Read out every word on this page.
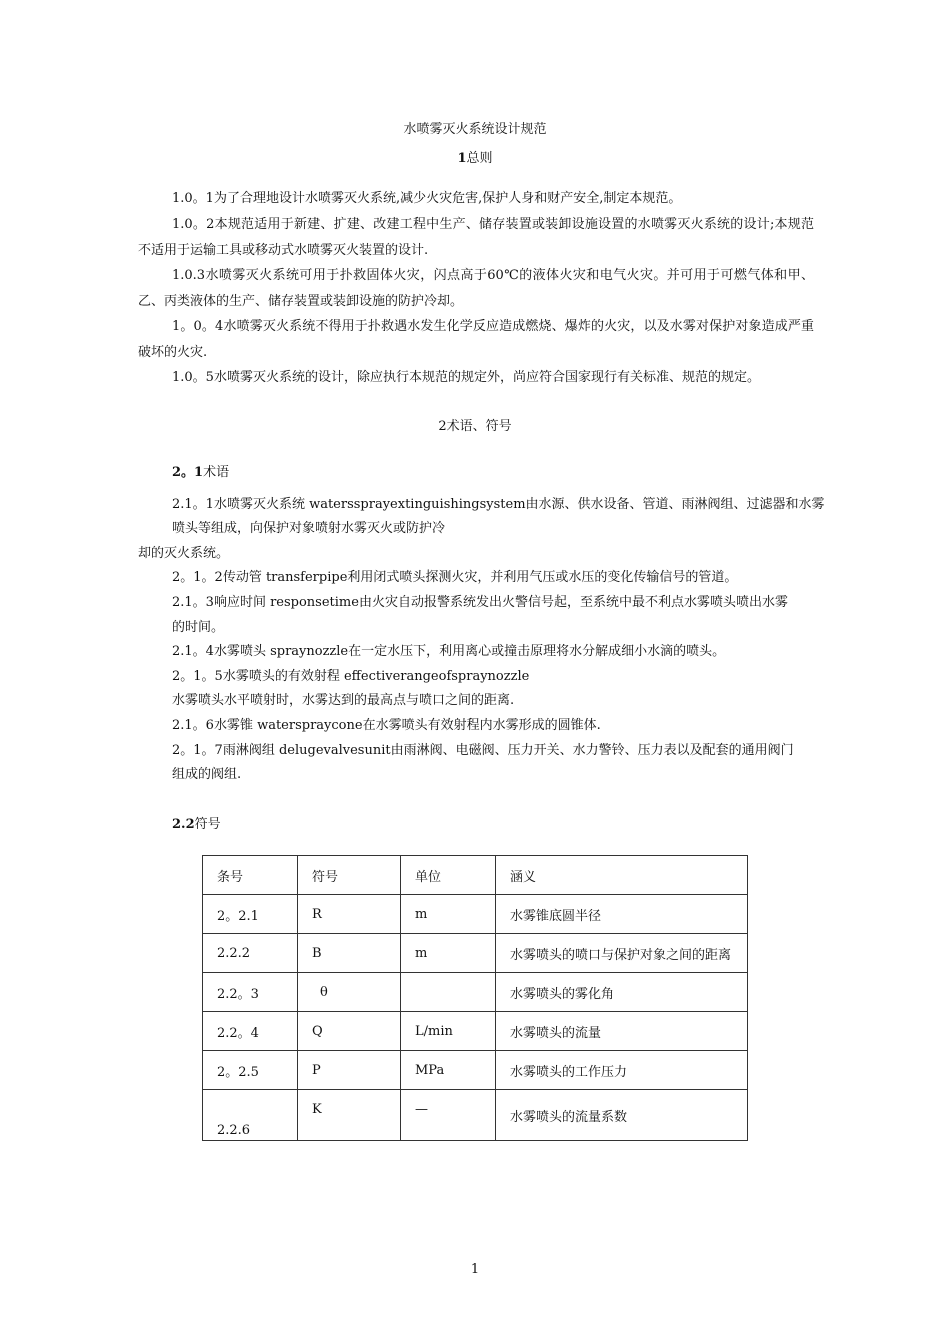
水喷雾灭火系统设计规范
1总则
1.0。1为了合理地设计水喷雾灭火系统,减少火灾危害,保护人身和财产安全,制定本规范。
1.0。2本规范适用于新建、扩建、改建工程中生产、储存装置或装卸设施设置的水喷雾灭火系统的设计;本规范不适用于运输工具或移动式水喷雾灭火装置的设计.
1.0.3水喷雾灭火系统可用于扑救固体火灾，闪点高于60℃的液体火灾和电气火灾。并可用于可燃气体和甲、乙、丙类液体的生产、储存装置或装卸设施的防护冷却。
1。0。4水喷雾灭火系统不得用于扑救遇水发生化学反应造成燃烧、爆炸的火灾，以及水雾对保护对象造成严重破坏的火灾.
1.0。5水喷雾灭火系统的设计，除应执行本规范的规定外，尚应符合国家现行有关标准、规范的规定。
2术语、符号
2。1术语
2.1。1水喷雾灭火系统 waterssprayextinguishingsystem由水源、供水设备、管道、雨淋阀组、过滤器和水雾
喷头等组成，向保护对象喷射水雾灭火或防护冷
却的灭火系统。
2。1。2传动管 transferpipe利用闭式喷头探测火灾，并利用气压或水压的变化传输信号的管道。
2.1。3响应时间 responsetime由火灾自动报警系统发出火警信号起，至系统中最不利点水雾喷头喷出水雾
的时间。
2.1。4水雾喷头 spraynozzle在一定水压下，利用离心或撞击原理将水分解成细小水滴的喷头。
2。1。5水雾喷头的有效射程 effectiverangeofspraynozzle
水雾喷头水平喷射时，水雾达到的最高点与喷口之间的距离.
2.1。6水雾锥 waterspraycone在水雾喷头有效射程内水雾形成的圆锥体.
2。1。7雨淋阀组 delugevalvesunit由雨淋阀、电磁阀、压力开关、水力警铃、压力表以及配套的通用阀门
组成的阀组.
2.2符号
条号	符号	单位	涵义
2。2.1	R	m	水雾锥底圆半径
2.2.2	B	m	水雾喷头的喷口与保护对象之间的距离
2.2。3	θ		水雾喷头的雾化角
2.2。4	Q	L/min	水雾喷头的流量
2。2.5	P	MPa	水雾喷头的工作压力
2.2.6	K	—	水雾喷头的流量系数
1
